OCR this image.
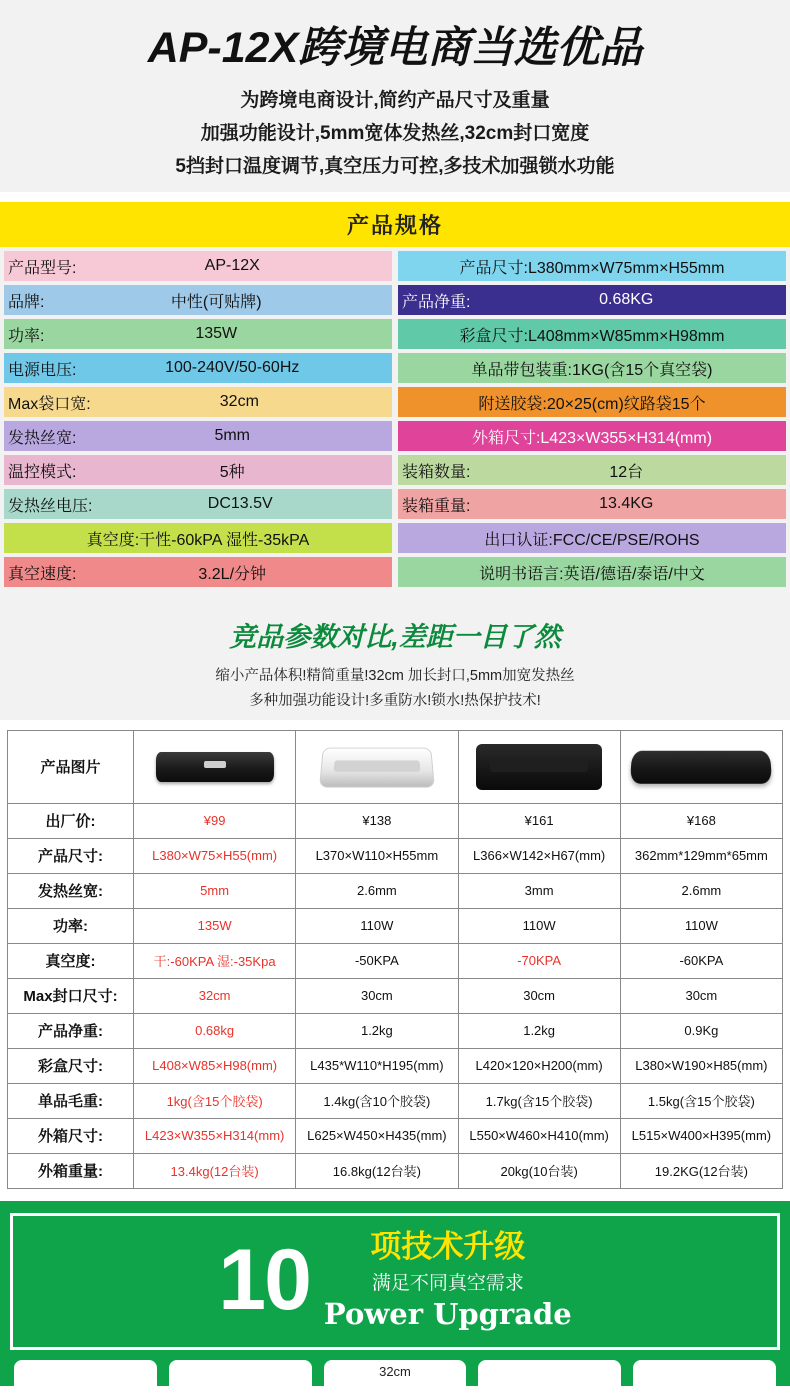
AP-12X跨境电商当选优品
为跨境电商设计,简约产品尺寸及重量
加强功能设计,5mm宽体发热丝,32cm封口宽度
5挡封口温度调节,真空压力可控,多技术加强锁水功能
产品规格
产品型号:	AP-12X
品牌:	中性(可贴牌)
功率:	135W
电源电压:	100-240V/50-60Hz
Max袋口宽:	32cm
发热丝宽:	5mm
温控模式:	5种
发热丝电压:	DC13.5V
真空度:干性-60kPA 湿性-35kPA
真空速度:	3.2L/分钟
产品尺寸:L380mm×W75mm×H55mm
产品净重:	0.68KG
彩盒尺寸:L408mm×W85mm×H98mm
单品带包装重:1KG(含15个真空袋)
附送胶袋:20×25(cm)纹路袋15个
外箱尺寸:L423×W355×H314(mm)
装箱数量:	12台
装箱重量:	13.4KG
出口认证:FCC/CE/PSE/ROHS
说明书语言:英语/德语/泰语/中文
竞品参数对比,差距一目了然
缩小产品体积!精简重量!32cm 加长封口,5mm加宽发热丝
多种加强功能设计!多重防水!锁水!热保护技术!
产品图片	

出厂价:	¥99	¥138	¥161	¥168
产品尺寸:	L380×W75×H55(mm)	L370×W110×H55mm	L366×W142×H67(mm)	362mm*129mm*65mm
发热丝宽:	5mm	2.6mm	3mm	2.6mm
功率:	135W	110W	110W	110W
真空度:	干:-60KPA 湿:-35Kpa	-50KPA	-70KPA	-60KPA
Max封口尺寸:	32cm	30cm	30cm	30cm
产品净重:	0.68kg	1.2kg	1.2kg	0.9Kg
彩盒尺寸:	L408×W85×H98(mm)	L435*W110*H195(mm)	L420×120×H200(mm)	L380×W190×H85(mm)
单品毛重:	1kg(含15个胶袋)	1.4kg(含10个胶袋)	1.7kg(含15个胶袋)	1.5kg(含15个胶袋)
外箱尺寸:	L423×W355×H314(mm)	L625×W450×H435(mm)	L550×W460×H410(mm)	L515×W400×H395(mm)
外箱重量:	13.4kg(12台装)	16.8kg(12台装)	20kg(10台装)	19.2KG(12台装)
10	项技术升级
满足不同真空需求
Power Upgrade
32cm
